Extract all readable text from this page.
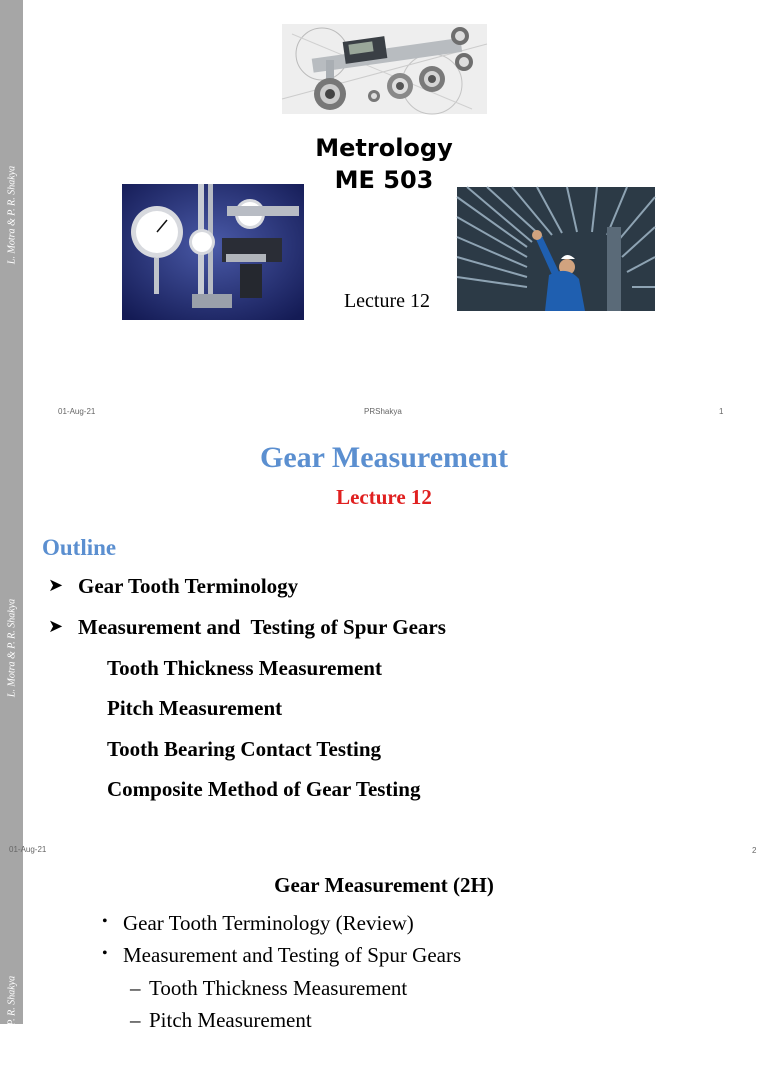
L. Motra & P. R. Shakya
Metrology
ME 503
Lecture 12
01-Aug-21	PRShakya	1
L. Motra & P. R. Shakya
Gear Measurement
Lecture 12
Outline
➤ Gear Tooth Terminology
➤ Measurement and  Testing of Spur Gears
Tooth Thickness Measurement
Pitch Measurement
Tooth Bearing Contact Testing
Composite Method of Gear Testing
01-Aug-21	2
L. Motra & P. R. Shakya
Gear Measurement (2H)
• Gear Tooth Terminology (Review)
• Measurement and Testing of Spur Gears
– Tooth Thickness Measurement
– Pitch Measurement
